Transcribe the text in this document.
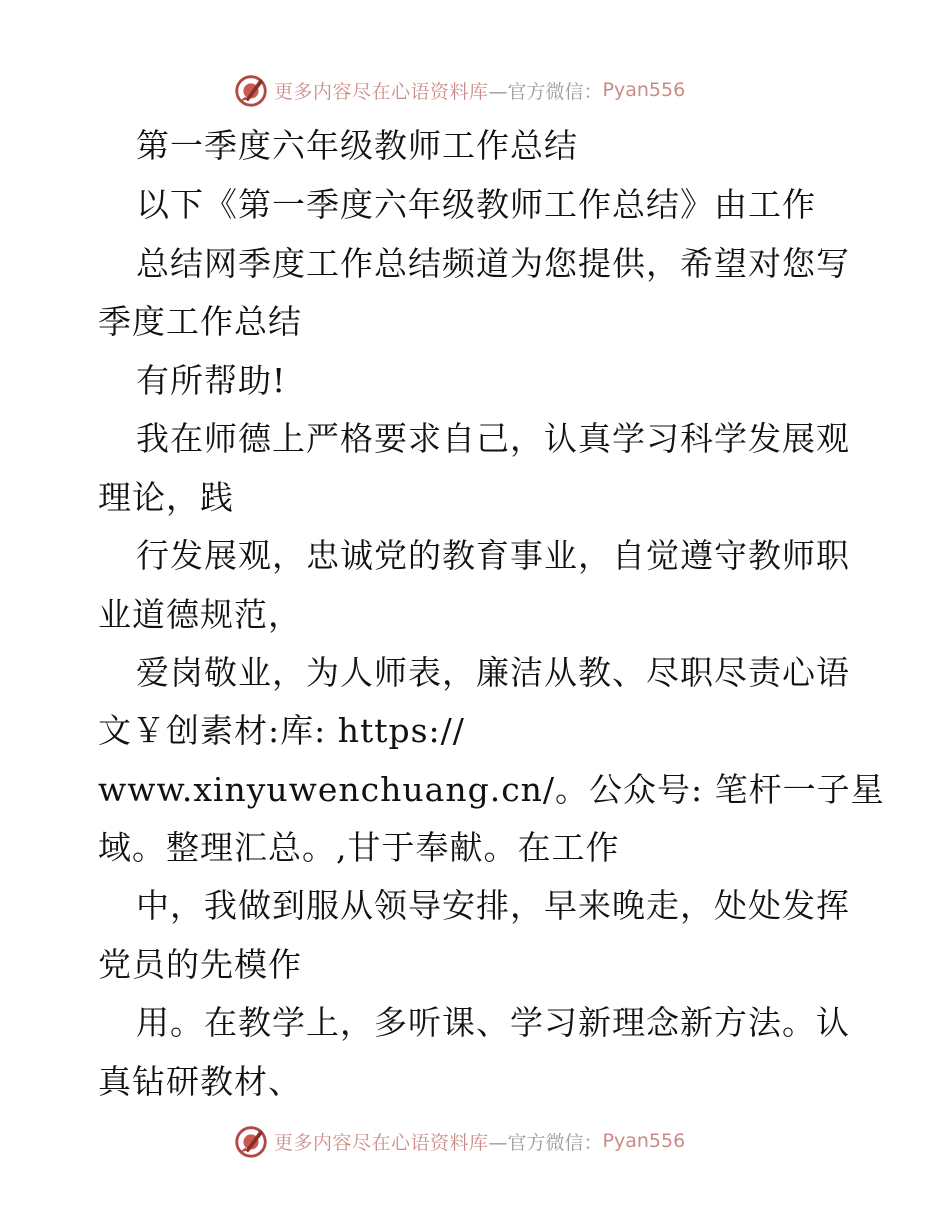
更多内容尽在心语资料库 —官方微信： Pyan556
第一季度六年级教师工作总结
以下《第一季度六年级教师工作总结》由工作
总结网季度工作总结频道为您提供，希望对您写
季度工作总结
有所帮助!
我在师德上严格要求自己，认真学习科学发展观
理论，践
行发展观，忠诚党的教育事业，自觉遵守教师职
业道德规范，
爱岗敬业，为人师表，廉洁从教、尽职尽责心语
文￥创素材:库: https://
www.xinyuwenchuang.cn/。公众号: 笔杆一子星
域。整理汇总。,甘于奉献。在工作
中，我做到服从领导安排，早来晚走，处处发挥
党员的先模作
用。在教学上，多听课、学习新理念新方法。认
真钻研教材、
更多内容尽在心语资料库 —官方微信： Pyan556
